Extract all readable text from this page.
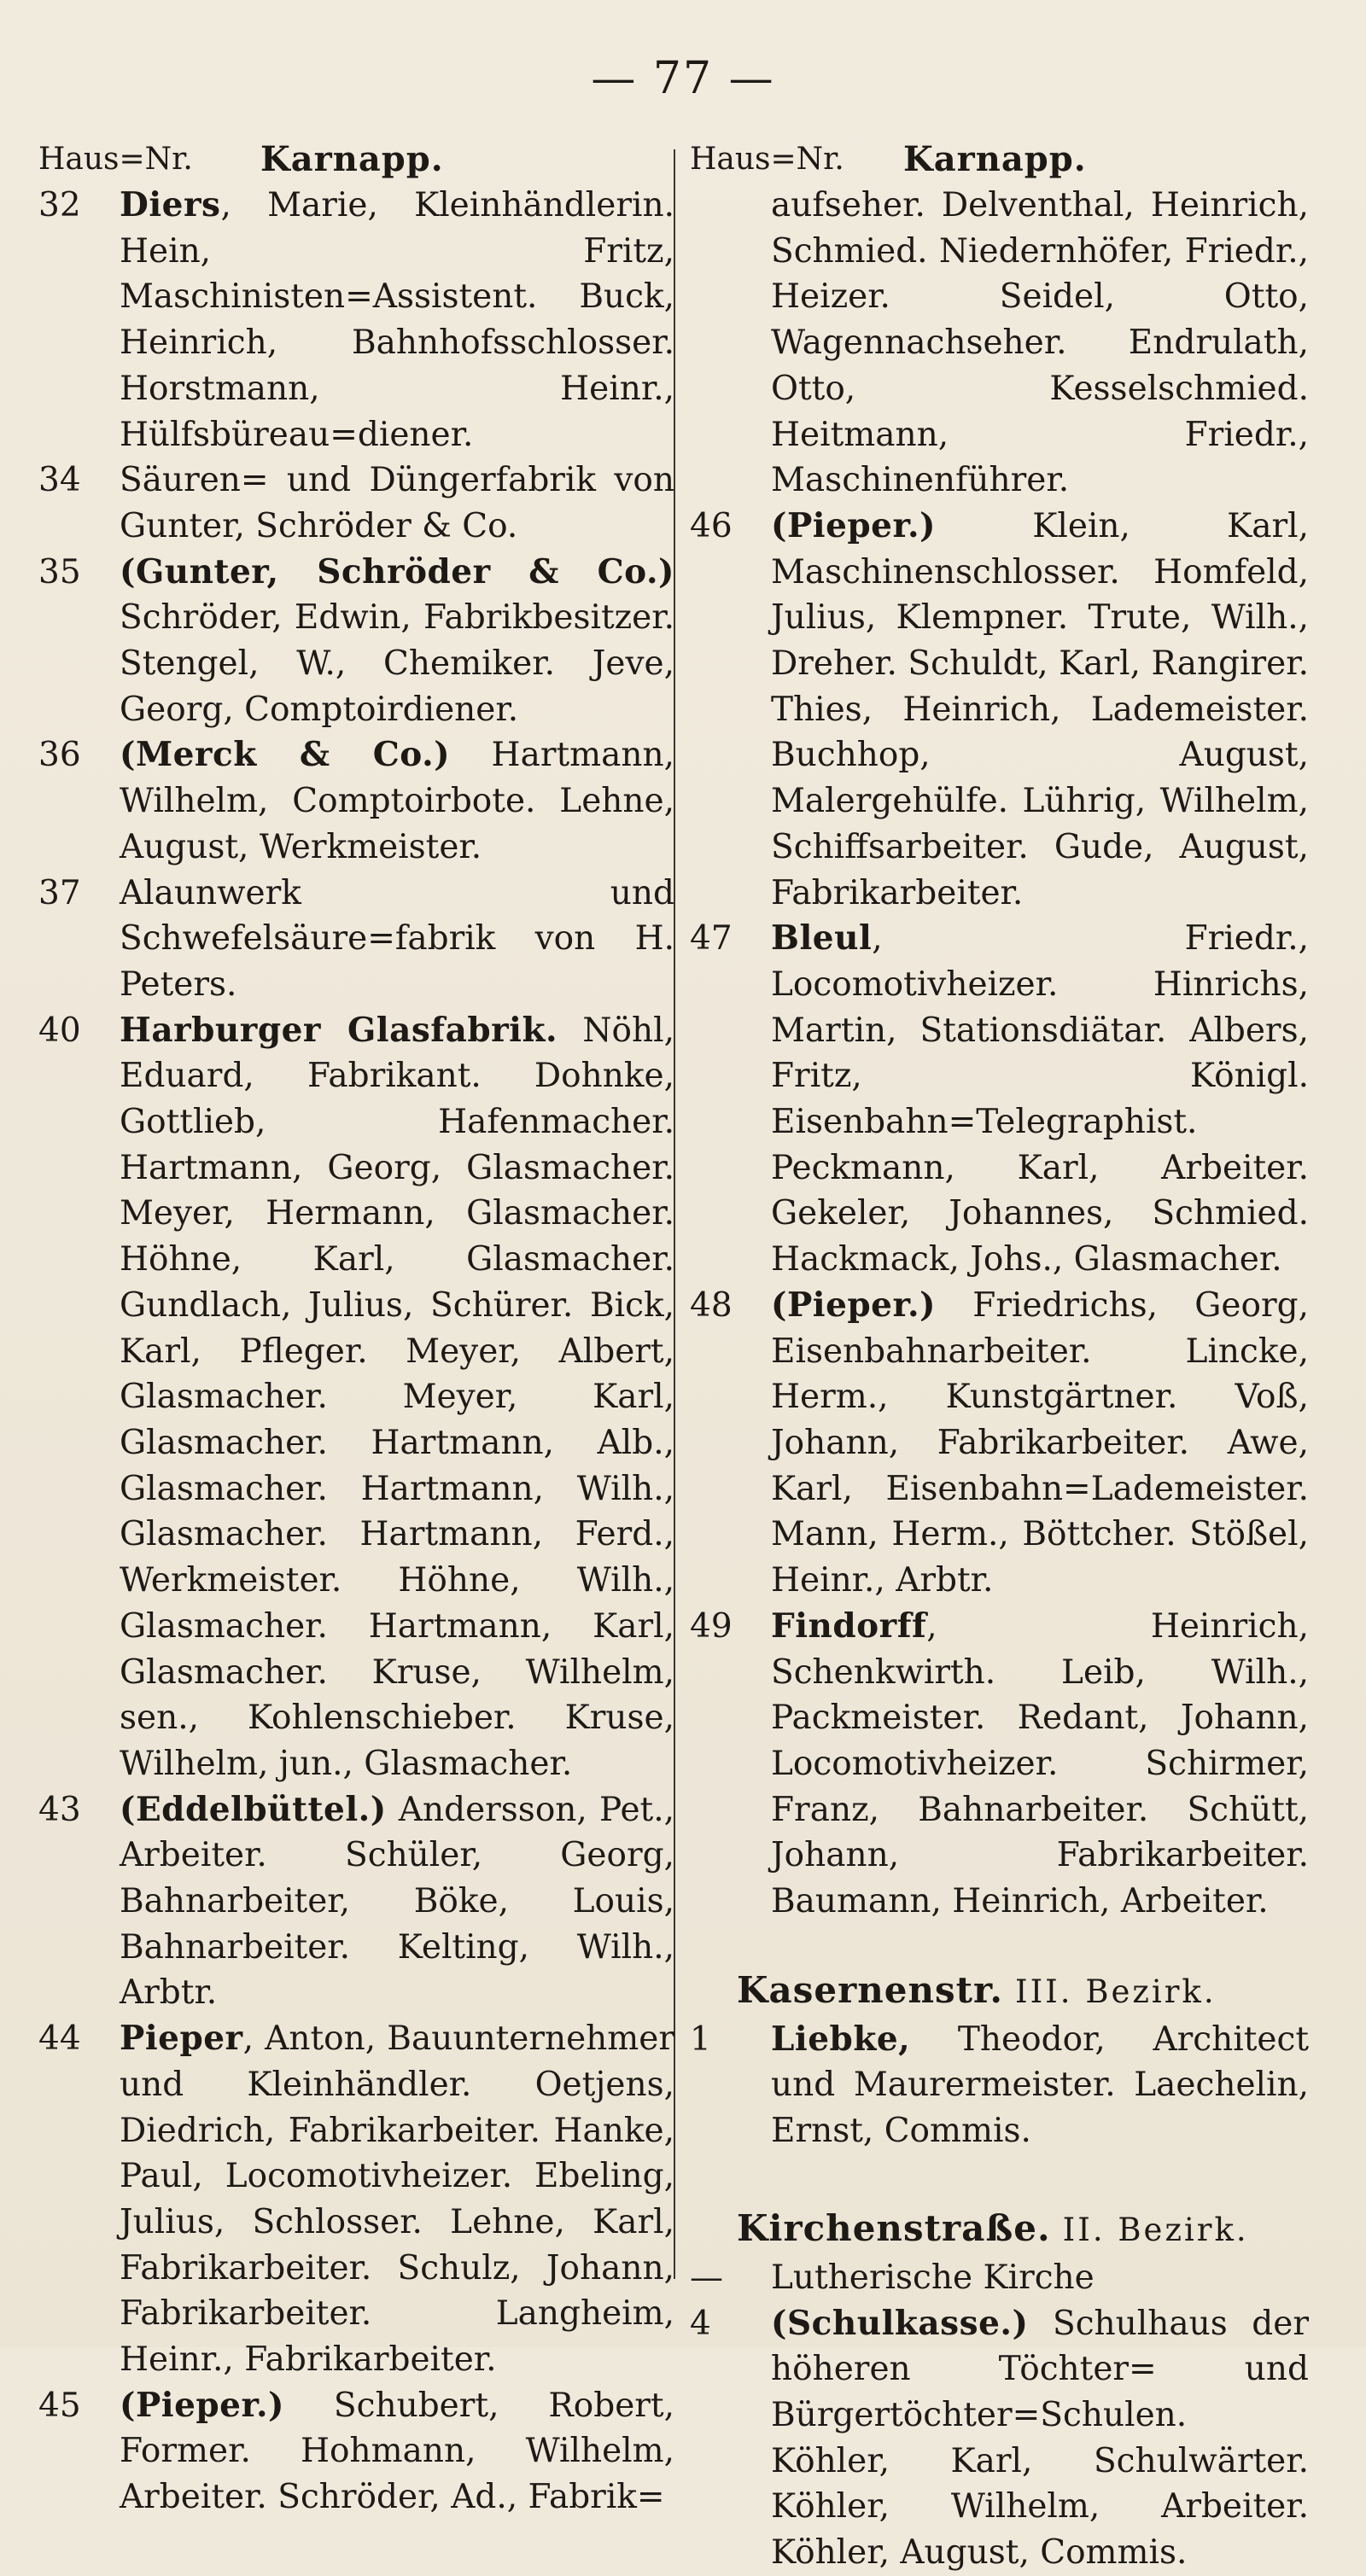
— 77 —
Haus=Nr. Karnapp.
32	Diers, Marie, Kleinhändlerin. Hein, Fritz, Maschinisten=Assistent. Buck, Heinrich, Bahnhofsschlosser. Horstmann, Heinr., Hülfsbüreau=diener.
34	Säuren= und Düngerfabrik von Gunter, Schröder & Co.
35	(Gunter, Schröder & Co.) Schröder, Edwin, Fabrikbesitzer. Stengel, W., Chemiker. Jeve, Georg, Comptoirdiener.
36	(Merck & Co.) Hartmann, Wilhelm, Comptoirbote. Lehne, August, Werkmeister.
37	Alaunwerk und Schwefelsäure=fabrik von H. Peters.
40	Harburger Glasfabrik. Nöhl, Eduard, Fabrikant. Dohnke, Gottlieb, Hafenmacher. Hartmann, Georg, Glasmacher. Meyer, Hermann, Glasmacher. Höhne, Karl, Glasmacher. Gundlach, Julius, Schürer. Bick, Karl, Pfleger. Meyer, Albert, Glasmacher. Meyer, Karl, Glasmacher. Hartmann, Alb., Glasmacher. Hartmann, Wilh., Glasmacher. Hartmann, Ferd., Werkmeister. Höhne, Wilh., Glasmacher. Hartmann, Karl, Glasmacher. Kruse, Wilhelm, sen., Kohlenschieber. Kruse, Wilhelm, jun., Glasmacher.
43	(Eddelbüttel.) Andersson, Pet., Arbeiter. Schüler, Georg, Bahnarbeiter, Böke, Louis, Bahnarbeiter. Kelting, Wilh., Arbtr.
44	Pieper, Anton, Bauunternehmer und Kleinhändler. Oetjens, Diedrich, Fabrikarbeiter. Hanke, Paul, Locomotivheizer. Ebeling, Julius, Schlosser. Lehne, Karl, Fabrikarbeiter. Schulz, Johann, Fabrikarbeiter. Langheim, Heinr., Fabrikarbeiter.
45	(Pieper.) Schubert, Robert, Former. Hohmann, Wilhelm, Arbeiter. Schröder, Ad., Fabrik=
Haus=Nr. Karnapp.
aufseher. Delventhal, Heinrich, Schmied. Niedernhöfer, Friedr., Heizer. Seidel, Otto, Wagennachseher. Endrulath, Otto, Kesselschmied. Heitmann, Friedr., Maschinenführer.
46	(Pieper.) Klein, Karl, Maschinenschlosser. Homfeld, Julius, Klempner. Trute, Wilh., Dreher. Schuldt, Karl, Rangirer. Thies, Heinrich, Lademeister. Buchhop, August, Malergehülfe. Lührig, Wilhelm, Schiffsarbeiter. Gude, August, Fabrikarbeiter.
47	Bleul, Friedr., Locomotivheizer. Hinrichs, Martin, Stationsdiätar. Albers, Fritz, Königl. Eisenbahn=Telegraphist. Peckmann, Karl, Arbeiter. Gekeler, Johannes, Schmied. Hackmack, Johs., Glasmacher.
48	(Pieper.) Friedrichs, Georg, Eisenbahnarbeiter. Lincke, Herm., Kunstgärtner. Voß, Johann, Fabrikarbeiter. Awe, Karl, Eisenbahn=Lademeister. Mann, Herm., Böttcher. Stößel, Heinr., Arbtr.
49	Findorff, Heinrich, Schenkwirth. Leib, Wilh., Packmeister. Redant, Johann, Locomotivheizer. Schirmer, Franz, Bahnarbeiter. Schütt, Johann, Fabrikarbeiter. Baumann, Heinrich, Arbeiter.
Kasernenstr. III. Bezirk.
1	Liebke, Theodor, Architect und Maurermeister. Laechelin, Ernst, Commis.
Kirchenstraße. II. Bezirk.
—	Lutherische Kirche
4	(Schulkasse.) Schulhaus der höheren Töchter= und Bürgertöchter=Schulen. Köhler, Karl, Schulwärter. Köhler, Wilhelm, Arbeiter. Köhler, August, Commis.
